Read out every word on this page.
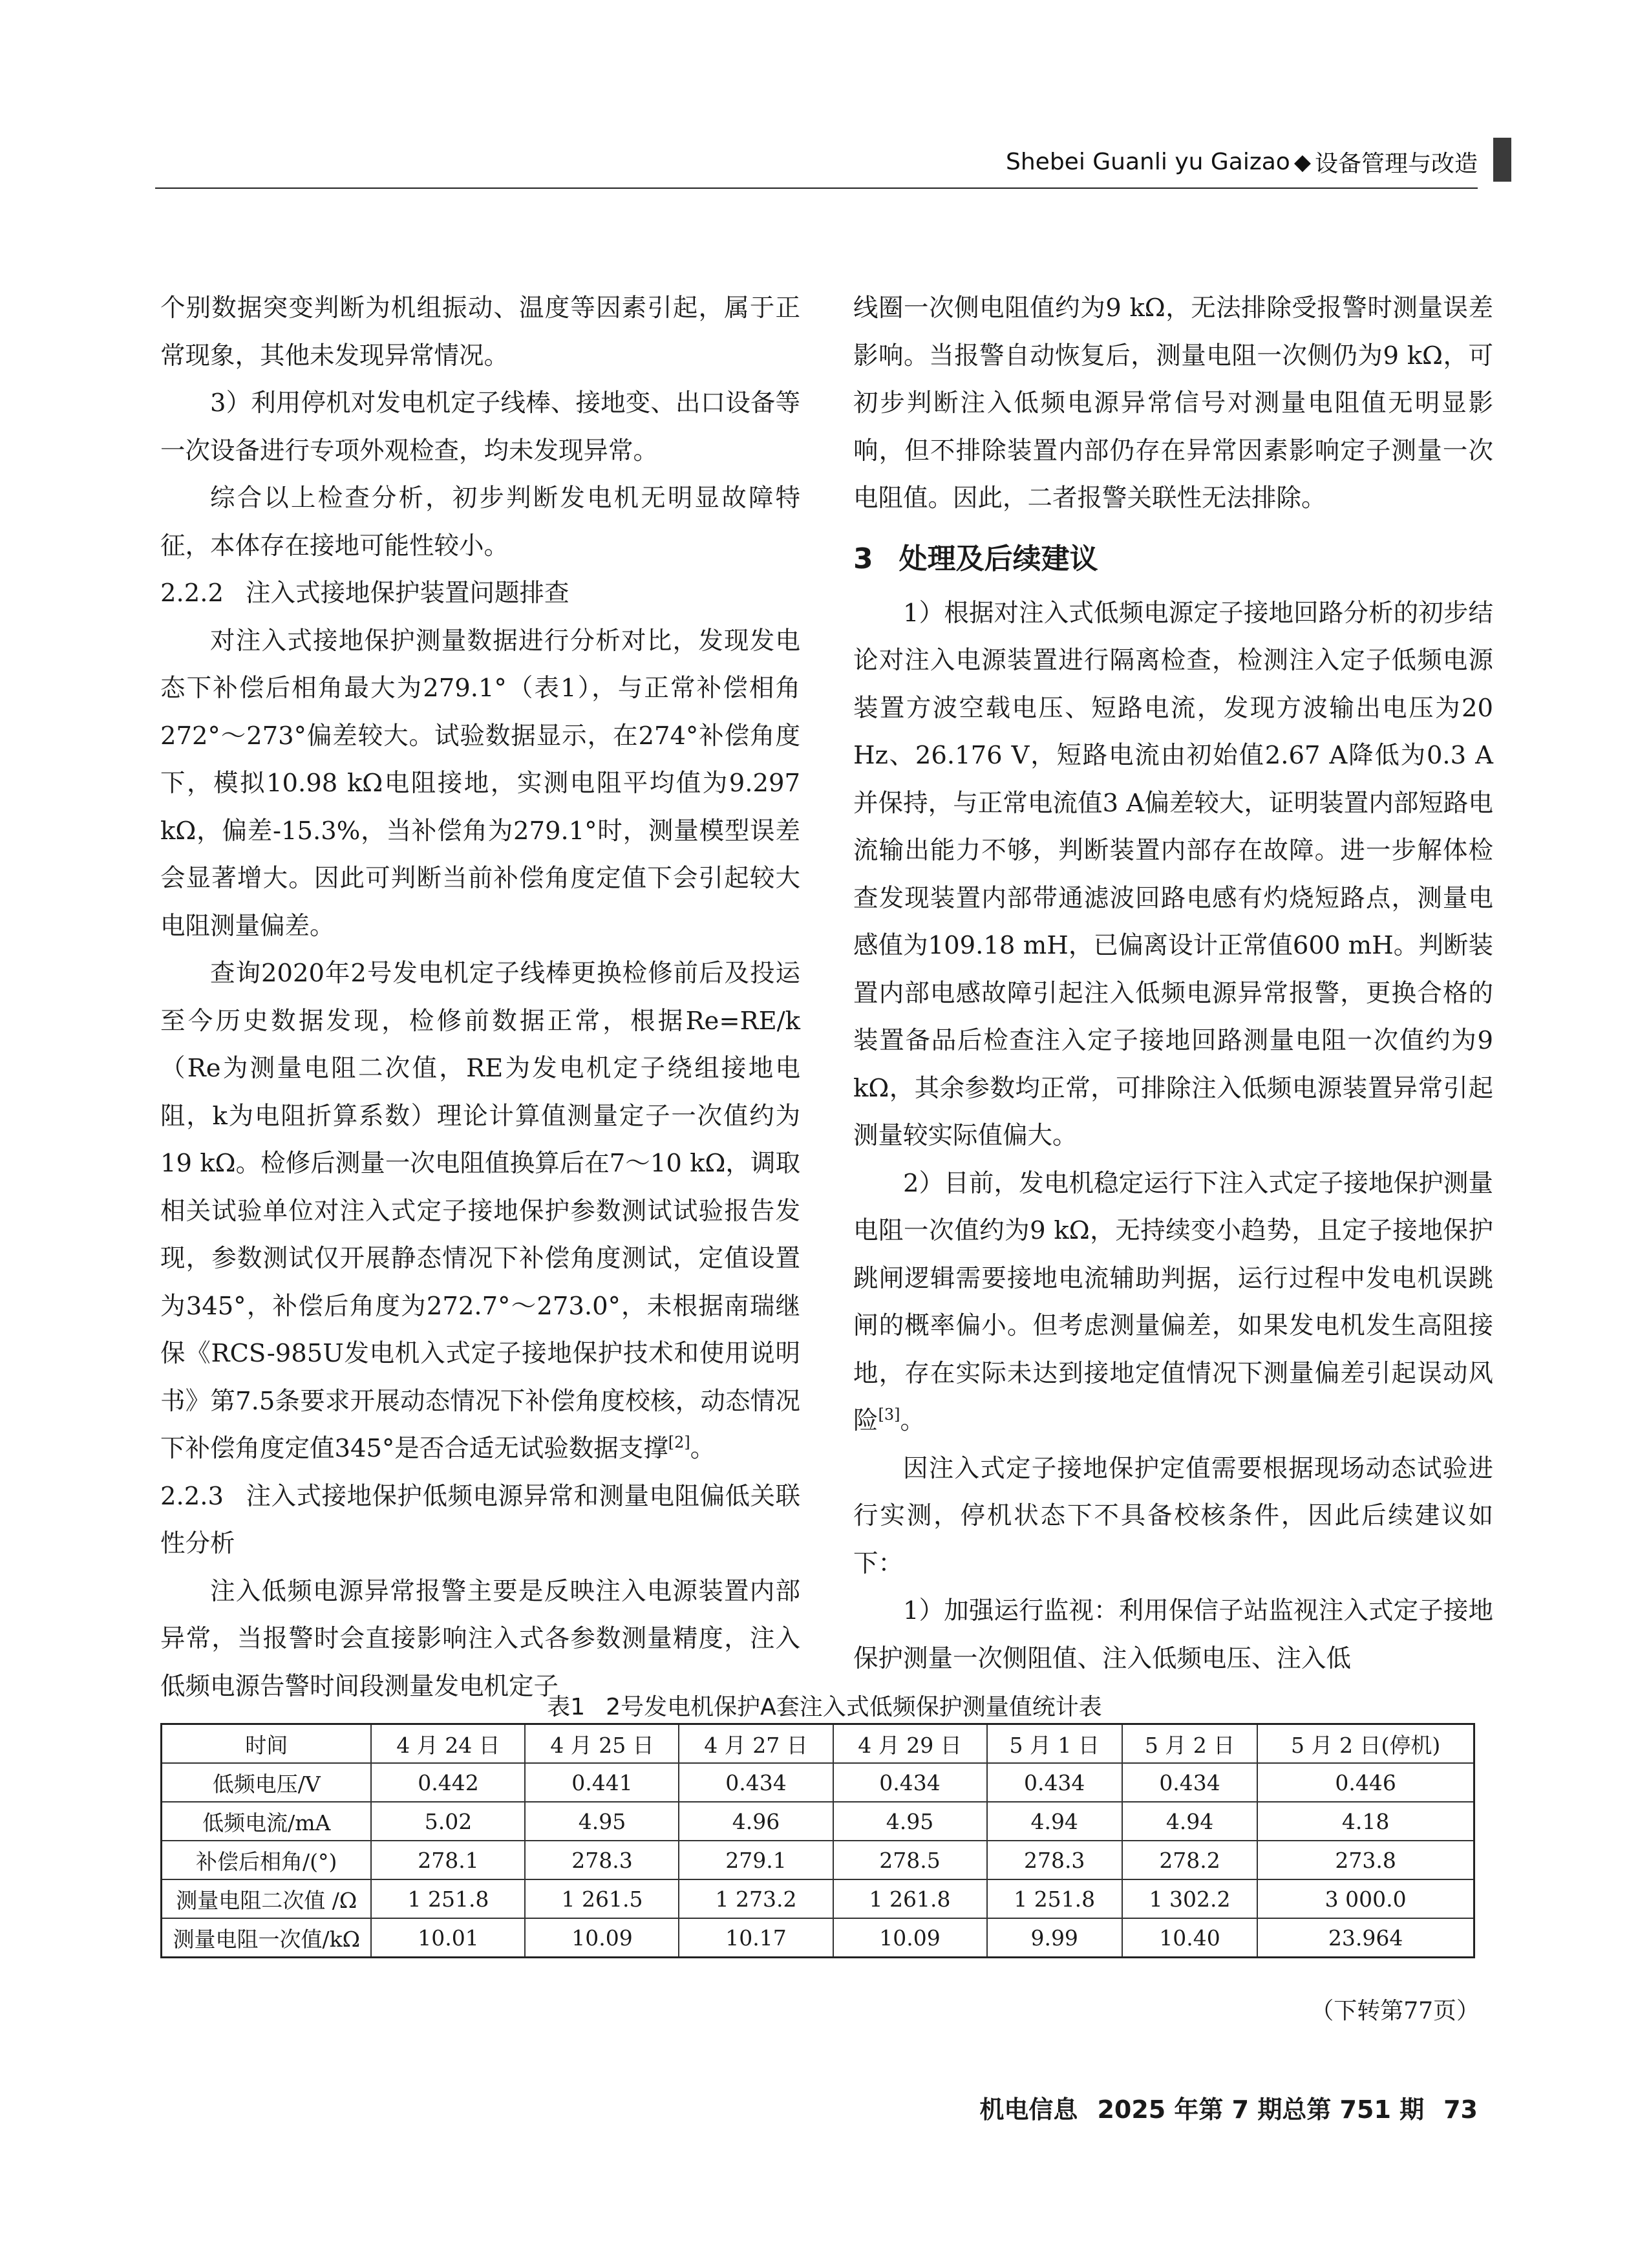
Shebei Guanli yu Gaizao ◆ 设备管理与改造

个别数据突变判断为机组振动、温度等因素引起，属于正常现象，其他未发现异常情况。

3）利用停机对发电机定子线棒、接地变、出口设备等一次设备进行专项外观检查，均未发现异常。

综合以上检查分析，初步判断发电机无明显故障特征，本体存在接地可能性较小。

2.2.2 注入式接地保护装置问题排查

对注入式接地保护测量数据进行分析对比，发现发电态下补偿后相角最大为279.1°（表1），与正常补偿相角272°～273°偏差较大。试验数据显示，在274°补偿角度下，模拟10.98 kΩ电阻接地，实测电阻平均值为9.297 kΩ，偏差-15.3%，当补偿角为279.1°时，测量模型误差会显著增大。因此可判断当前补偿角度定值下会引起较大电阻测量偏差。

查询2020年2号发电机定子线棒更换检修前后及投运至今历史数据发现，检修前数据正常，根据Re=RE/k（Re为测量电阻二次值，RE为发电机定子绕组接地电阻，k为电阻折算系数）理论计算值测量定子一次值约为19 kΩ。检修后测量一次电阻值换算后在7～10 kΩ，调取相关试验单位对注入式定子接地保护参数测试试验报告发现，参数测试仅开展静态情况下补偿角度测试，定值设置为345°，补偿后角度为272.7°～273.0°，未根据南瑞继保《RCS-985U发电机入式定子接地保护技术和使用说明书》第7.5条要求开展动态情况下补偿角度校核，动态情况下补偿角度定值345°是否合适无试验数据支撑[2]。

2.2.3 注入式接地保护低频电源异常和测量电阻偏低关联性分析

注入低频电源异常报警主要是反映注入电源装置内部异常，当报警时会直接影响注入式各参数测量精度，注入低频电源告警时间段测量发电机定子

线圈一次侧电阻值约为9 kΩ，无法排除受报警时测量误差影响。当报警自动恢复后，测量电阻一次侧仍为9 kΩ，可初步判断注入低频电源异常信号对测量电阻值无明显影响，但不排除装置内部仍存在异常因素影响定子测量一次电阻值。因此，二者报警关联性无法排除。

3 处理及后续建议

1）根据对注入式低频电源定子接地回路分析的初步结论对注入电源装置进行隔离检查，检测注入定子低频电源装置方波空载电压、短路电流，发现方波输出电压为20 Hz、26.176 V，短路电流由初始值2.67 A降低为0.3 A并保持，与正常电流值3 A偏差较大，证明装置内部短路电流输出能力不够，判断装置内部存在故障。进一步解体检查发现装置内部带通滤波回路电感有灼烧短路点，测量电感值为109.18 mH，已偏离设计正常值600 mH。判断装置内部电感故障引起注入低频电源异常报警，更换合格的装置备品后检查注入定子接地回路测量电阻一次值约为9 kΩ，其余参数均正常，可排除注入低频电源装置异常引起测量较实际值偏大。

2）目前，发电机稳定运行下注入式定子接地保护测量电阻一次值约为9 kΩ，无持续变小趋势，且定子接地保护跳闸逻辑需要接地电流辅助判据，运行过程中发电机误跳闸的概率偏小。但考虑测量偏差，如果发电机发生高阻接地，存在实际未达到接地定值情况下测量偏差引起误动风险[3]。

因注入式定子接地保护定值需要根据现场动态试验进行实测，停机状态下不具备校核条件，因此后续建议如下：

1）加强运行监视：利用保信子站监视注入式定子接地保护测量一次侧阻值、注入低频电压、注入低

表1 2号发电机保护A套注入式低频保护测量值统计表
时间	4 月 24 日	4 月 25 日	4 月 27 日	4 月 29 日	5 月 1 日	5 月 2 日	5 月 2 日(停机)
低频电压/V	0.442	0.441	0.434	0.434	0.434	0.434	0.446
低频电流/mA	5.02	4.95	4.96	4.95	4.94	4.94	4.18
补偿后相角/(°)	278.1	278.3	279.1	278.5	278.3	278.2	273.8
测量电阻二次值 /Ω	1 251.8	1 261.5	1 273.2	1 261.8	1 251.8	1 302.2	3 000.0
测量电阻一次值/kΩ	10.01	10.09	10.17	10.09	9.99	10.40	23.964
（下转第77页）
机电信息 2025 年第 7 期总第 751 期 73
